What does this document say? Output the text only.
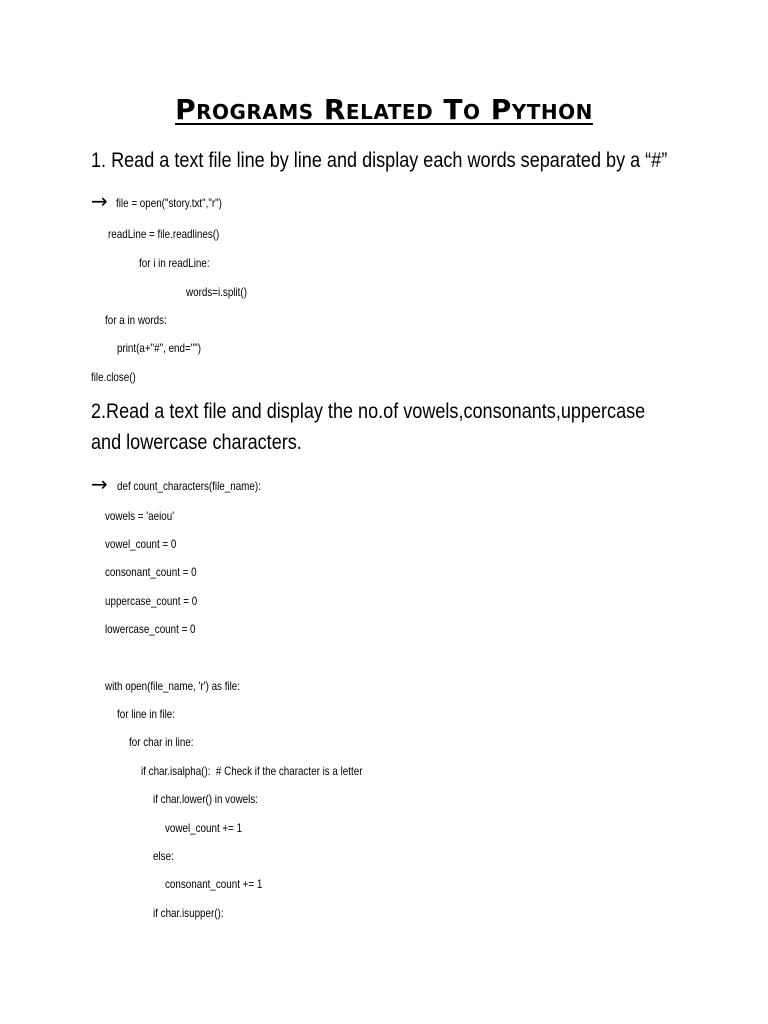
Programs Related To Python
1. Read a text file line by line and display each words separated by a “#”
→ file = open("story.txt","r")
readLine = file.readlines()
for i in readLine:
words=i.split()
for a in words:
print(a+"#", end="")
file.close()
2.Read a text file and display the no.of vowels,consonants,uppercase
and lowercase characters.
→ def count_characters(file_name):
vowels = 'aeiou'
vowel_count = 0
consonant_count = 0
uppercase_count = 0
lowercase_count = 0
with open(file_name, 'r') as file:
for line in file:
for char in line:
if char.isalpha():  # Check if the character is a letter
if char.lower() in vowels:
vowel_count += 1
else:
consonant_count += 1
if char.isupper():
